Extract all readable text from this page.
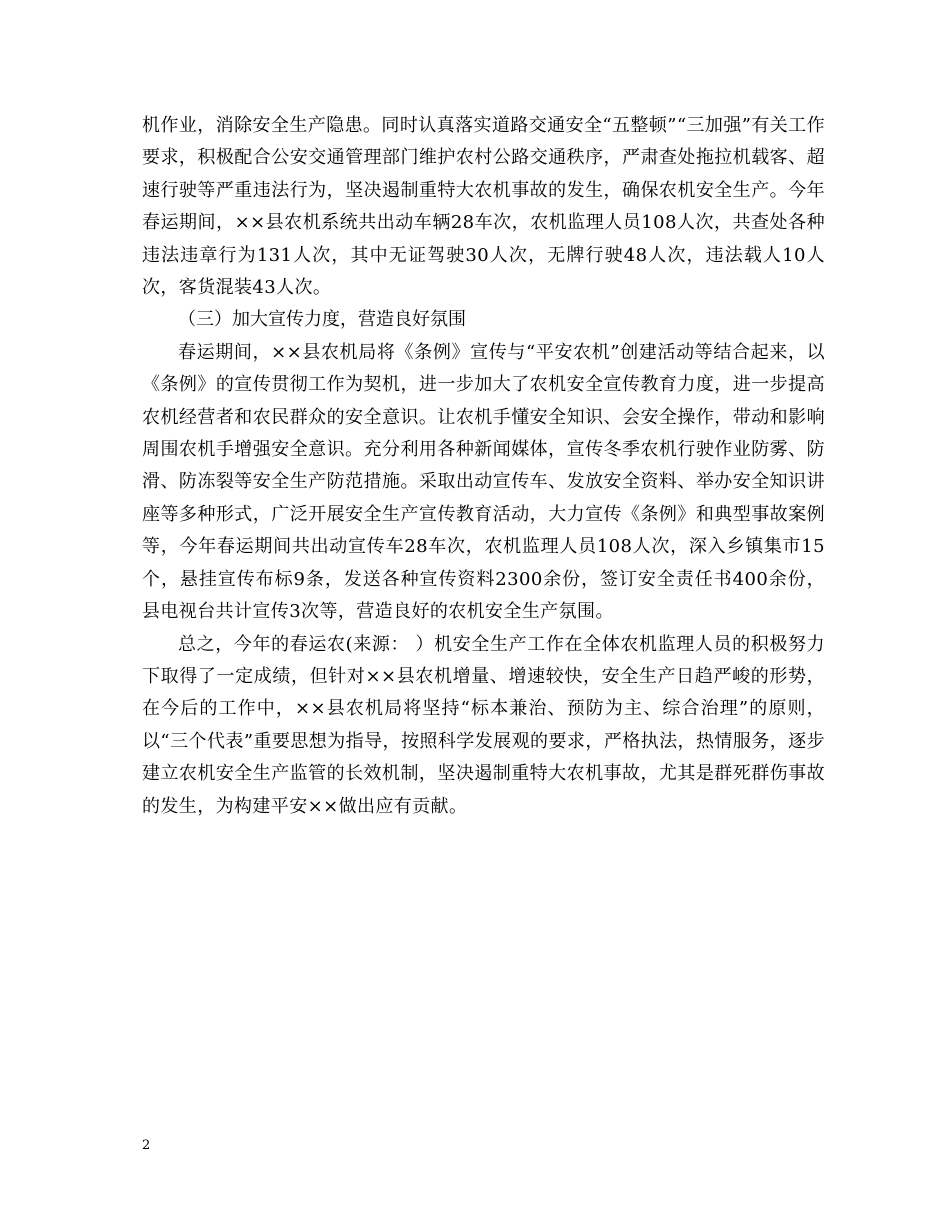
机作业，消除安全生产隐患。同时认真落实道路交通安全“五整顿”“三加强”有关工作要求，积极配合公安交通管理部门维护农村公路交通秩序，严肃查处拖拉机载客、超速行驶等严重违法行为，坚决遏制重特大农机事故的发生，确保农机安全生产。今年春运期间，××县农机系统共出动车辆28车次，农机监理人员108人次，共查处各种违法违章行为131人次，其中无证驾驶30人次，无牌行驶48人次，违法载人10人次，客货混装43人次。

（三）加大宣传力度，营造良好氛围

春运期间，××县农机局将《条例》宣传与“平安农机”创建活动等结合起来，以《条例》的宣传贯彻工作为契机，进一步加大了农机安全宣传教育力度，进一步提高农机经营者和农民群众的安全意识。让农机手懂安全知识、会安全操作，带动和影响周围农机手增强安全意识。充分利用各种新闻媒体，宣传冬季农机行驶作业防雾、防滑、防冻裂等安全生产防范措施。采取出动宣传车、发放安全资料、举办安全知识讲座等多种形式，广泛开展安全生产宣传教育活动，大力宣传《条例》和典型事故案例等，今年春运期间共出动宣传车28车次，农机监理人员108人次，深入乡镇集市15个，悬挂宣传布标9条，发送各种宣传资料2300余份，签订安全责任书400余份，县电视台共计宣传3次等，营造良好的农机安全生产氛围。

总之，今年的春运农(来源： ）机安全生产工作在全体农机监理人员的积极努力下取得了一定成绩，但针对××县农机增量、增速较快，安全生产日趋严峻的形势，在今后的工作中，××县农机局将坚持“标本兼治、预防为主、综合治理”的原则，以“三个代表”重要思想为指导，按照科学发展观的要求，严格执法，热情服务，逐步建立农机安全生产监管的长效机制，坚决遏制重特大农机事故，尤其是群死群伤事故的发生，为构建平安××做出应有贡献。

2
